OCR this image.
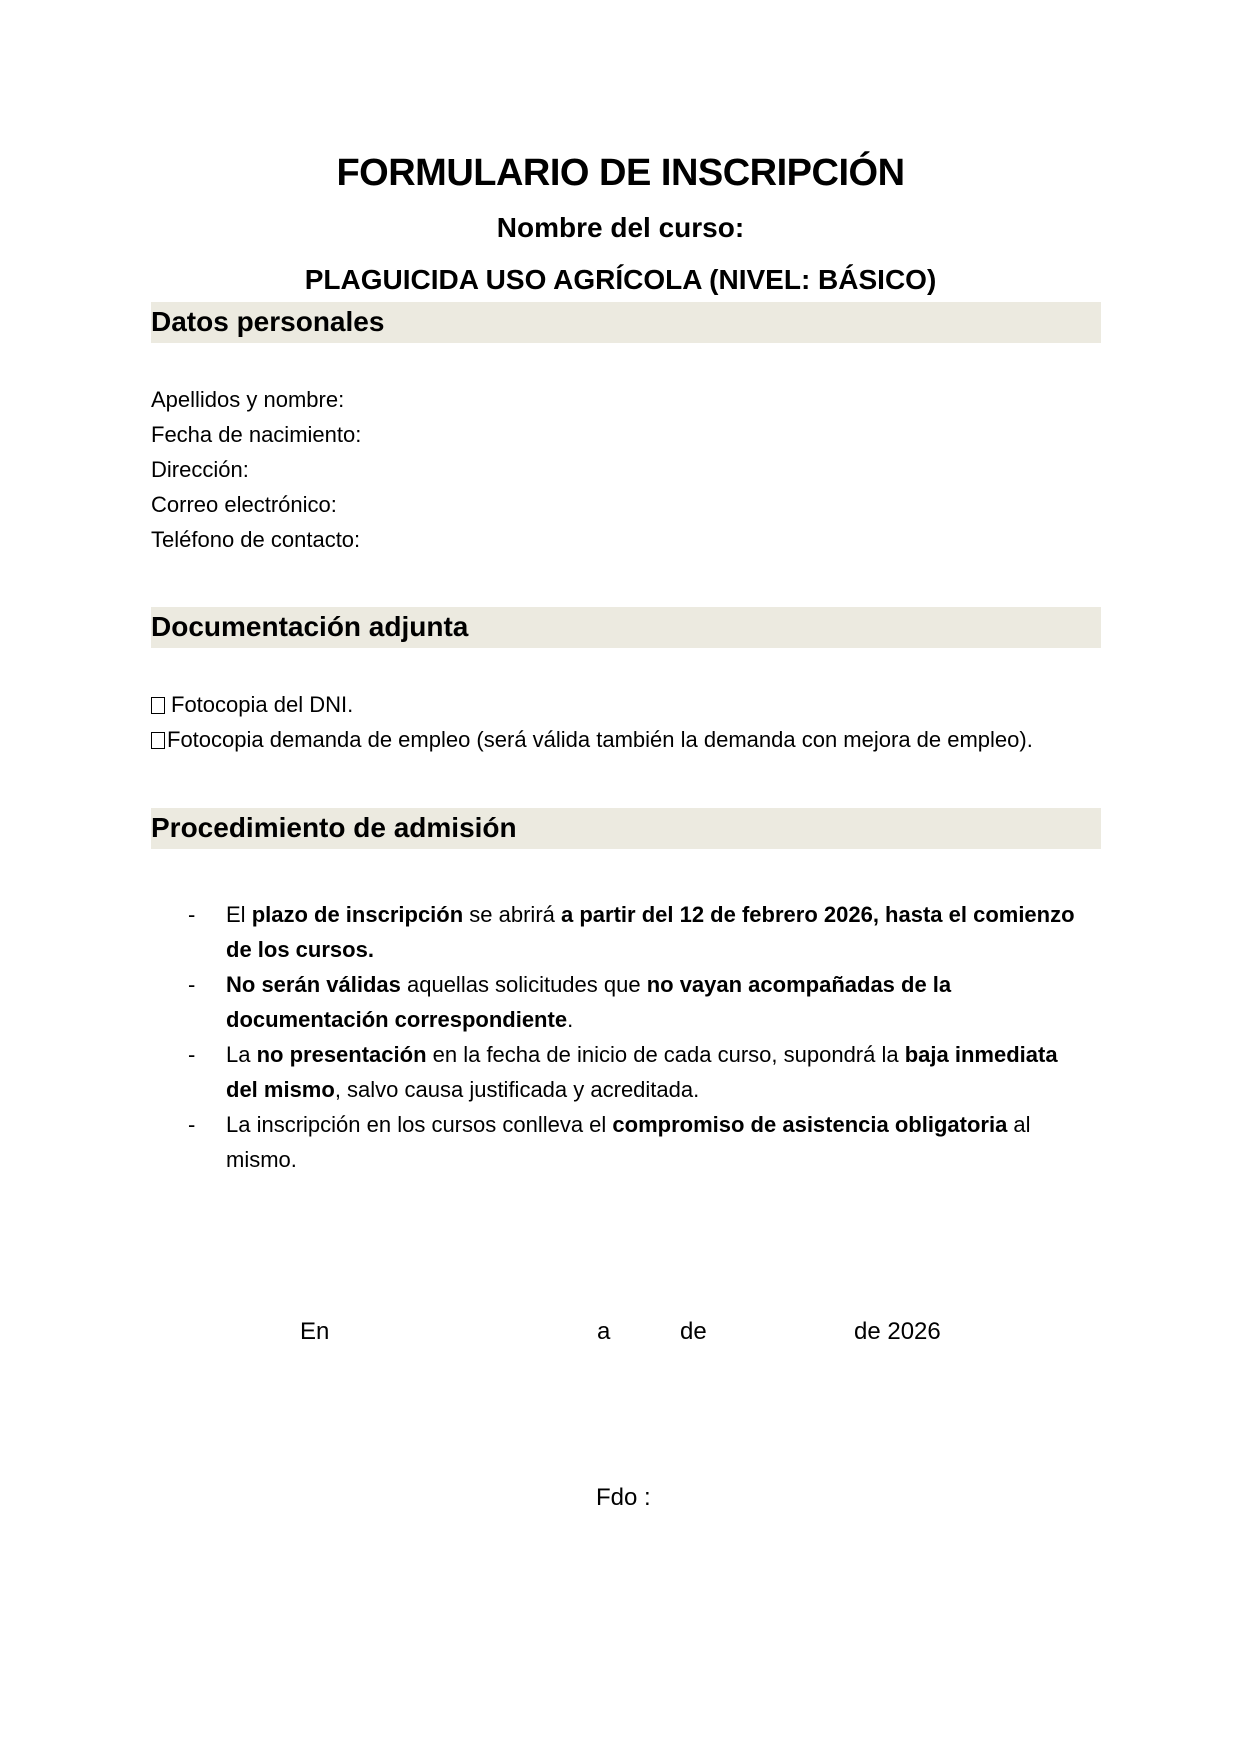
FORMULARIO DE INSCRIPCIÓN
Nombre del curso:
PLAGUICIDA USO AGRÍCOLA (NIVEL: BÁSICO)
Datos personales
Apellidos y nombre:
Fecha de nacimiento:
Dirección:
Correo electrónico:
Teléfono de contacto:
Documentación adjunta
Fotocopia del DNI.
Fotocopia demanda de empleo (será válida también la demanda con mejora de empleo).
Procedimiento de admisión
- El plazo de inscripción se abrirá a partir del 12 de febrero 2026, hasta el comienzo de los cursos.
- No serán válidas aquellas solicitudes que no vayan acompañadas de la documentación correspondiente.
- La no presentación en la fecha de inicio de cada curso, supondrá la baja inmediata del mismo, salvo causa justificada y acreditada.
- La inscripción en los cursos conlleva el compromiso de asistencia obligatoria al mismo.
En	a	de	de 2026
Fdo :
